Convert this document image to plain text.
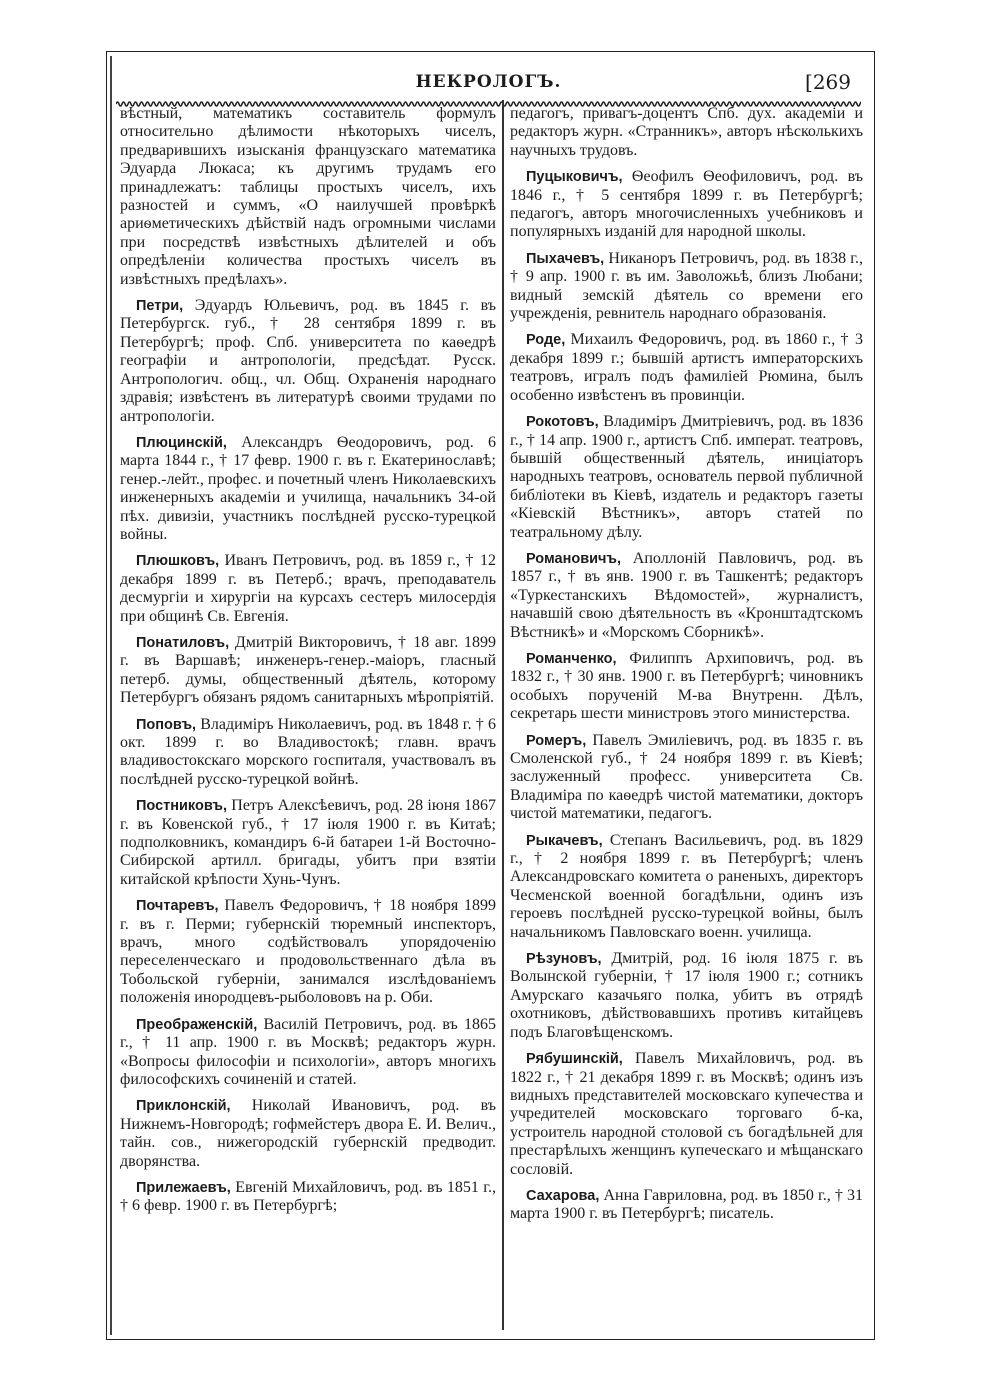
НЕКРОЛОГЪ.	[269

вѣстный, математикъ составитель формулъ относительно дѣлимости нѣкоторыхъ чиселъ, предварившихъ изысканія французскаго математика Эдуарда Люкаса; къ другимъ трудамъ его принадлежатъ: таблицы простыхъ чиселъ, ихъ разностей и суммъ, «О наилучшей провѣркѣ ариѳметическихъ дѣйствій надъ огромными числами при посредствѣ извѣстныхъ дѣлителей и объ опредѣленіи количества простыхъ чиселъ въ извѣстныхъ предѣлахъ».

Петри, Эдуардъ Юльевичъ, род. въ 1845 г. въ Петербургск. губ., † 28 сентября 1899 г. въ Петербургѣ; проф. Спб. университета по каѳедрѣ географіи и антропологіи, предсѣдат. Русск. Антропологич. общ., чл. Общ. Охраненія народнаго здравія; извѣстенъ въ литературѣ своими трудами по антропологіи.

Плюцинскій, Александръ Ѳеодоровичъ, род. 6 марта 1844 г., † 17 февр. 1900 г. въ г. Екатеринославѣ; генер.-лейт., профес. и почетный членъ Николаевскихъ инженерныхъ академіи и училища, начальникъ 34-ой пѣх. дивизіи, участникъ послѣдней русско-турецкой войны.

Плюшковъ, Иванъ Петровичъ, род. въ 1859 г., † 12 декабря 1899 г. въ Петерб.; врачъ, преподаватель десмургіи и хирургіи на курсахъ сестеръ милосердія при общинѣ Св. Евгенія.

Понатиловъ, Дмитрій Викторовичъ, † 18 авг. 1899 г. въ Варшавѣ; инженеръ-генер.-маіоръ, гласный петерб. думы, общественный дѣятель, которому Петербургъ обязанъ рядомъ санитарныхъ мѣропріятій.

Поповъ, Владиміръ Николаевичъ, род. въ 1848 г. † 6 окт. 1899 г. во Владивостокѣ; главн. врачъ владивостокскаго морского госпиталя, участвовалъ въ послѣдней русско-турецкой войнѣ.

Постниковъ, Петръ Алексѣевичъ, род. 28 іюня 1867 г. въ Ковенской губ., † 17 іюля 1900 г. въ Китаѣ; подполковникъ, командиръ 6-й батареи 1-й Восточно-Сибирской артилл. бригады, убитъ при взятіи китайской крѣпости Хунь-Чунъ.

Почтаревъ, Павелъ Федоровичъ, † 18 ноября 1899 г. въ г. Перми; губернскій тюремный инспекторъ, врачъ, много содѣйствовалъ упорядоченію переселенческаго и продовольственнаго дѣла въ Тобольской губерніи, занимался изслѣдованіемъ положенія инородцевъ-рыболововъ на р. Оби.

Преображенскій, Василій Петровичъ, род. въ 1865 г., † 11 апр. 1900 г. въ Москвѣ; редакторъ журн. «Вопросы философіи и психологіи», авторъ многихъ философскихъ сочиненій и статей.

Приклонскій, Николай Ивановичъ, род. въ Нижнемъ-Новгородѣ; гофмейстеръ двора Е. И. Велич., тайн. сов., нижегородскій губернскій предводит. дворянства.

Прилежаевъ, Евгеній Михайловичъ, род. въ 1851 г., † 6 февр. 1900 г. въ Петербургѣ;

педагогъ, привагъ-доцентъ Спб. дух. академіи и редакторъ журн. «Странникъ», авторъ нѣсколькихъ научныхъ трудовъ.

Пуцыковичъ, Ѳеофилъ Ѳеофиловичъ, род. въ 1846 г., † 5 сентября 1899 г. въ Петербургѣ; педагогъ, авторъ многочисленныхъ учебниковъ и популярныхъ изданій для народной школы.

Пыхачевъ, Никаноръ Петровичъ, род. въ 1838 г., † 9 апр. 1900 г. въ им. Заволожьѣ, близъ Любани; видный земскій дѣятель со времени его учрежденія, ревнитель народнаго образованія.

Роде, Михаилъ Федоровичъ, род. въ 1860 г., † 3 декабря 1899 г.; бывшій артистъ императорскихъ театровъ, игралъ подъ фамиліей Рюмина, былъ особенно извѣстенъ въ провинціи.

Рокотовъ, Владиміръ Дмитріевичъ, род. въ 1836 г., † 14 апр. 1900 г., артистъ Спб. императ. театровъ, бывшій общественный дѣятель, иниціаторъ народныхъ театровъ, основатель первой публичной библіотеки въ Кіевѣ, издатель и редакторъ газеты «Кіевскій Вѣстникъ», авторъ статей по театральному дѣлу.

Романовичъ, Аполлоній Павловичъ, род. въ 1857 г., † въ янв. 1900 г. въ Ташкентѣ; редакторъ «Туркестанскихъ Вѣдомостей», журналистъ, начавшій свою дѣятельность въ «Кронштадтскомъ Вѣстникѣ» и «Морскомъ Сборникѣ».

Романченко, Филиппъ Архиповичъ, род. въ 1832 г., † 30 янв. 1900 г. въ Петербургѣ; чиновникъ особыхъ порученій М-ва Внутренн. Дѣлъ, секретарь шести министровъ этого министерства.

Ромеръ, Павелъ Эмиліевичъ, род. въ 1835 г. въ Смоленской губ., † 24 ноября 1899 г. въ Кіевѣ; заслуженный професс. университета Св. Владиміра по каѳедрѣ чистой математики, докторъ чистой математики, педагогъ.

Рыкачевъ, Степанъ Васильевичъ, род. въ 1829 г., † 2 ноября 1899 г. въ Петербургѣ; членъ Александровскаго комитета о раненыхъ, директоръ Чесменской военной богадѣльни, одинъ изъ героевъ послѣдней русско-турецкой войны, былъ начальникомъ Павловскаго военн. училища.

Рѣзуновъ, Дмитрій, род. 16 іюля 1875 г. въ Волынской губерніи, † 17 іюля 1900 г.; сотникъ Амурскаго казачьяго полка, убитъ въ отрядѣ охотниковъ, дѣйствовавшихъ противъ китайцевъ подъ Благовѣщенскомъ.

Рябушинскій, Павелъ Михайловичъ, род. въ 1822 г., † 21 декабря 1899 г. въ Москвѣ; одинъ изъ видныхъ представителей московскаго купечества и учредителей московскаго торговаго б-ка, устроитель народной столовой съ богадѣльней для престарѣлыхъ женщинъ купеческаго и мѣщанскаго сословій.

Сахарова, Анна Гавриловна, род. въ 1850 г., † 31 марта 1900 г. въ Петербургѣ; писатель.
